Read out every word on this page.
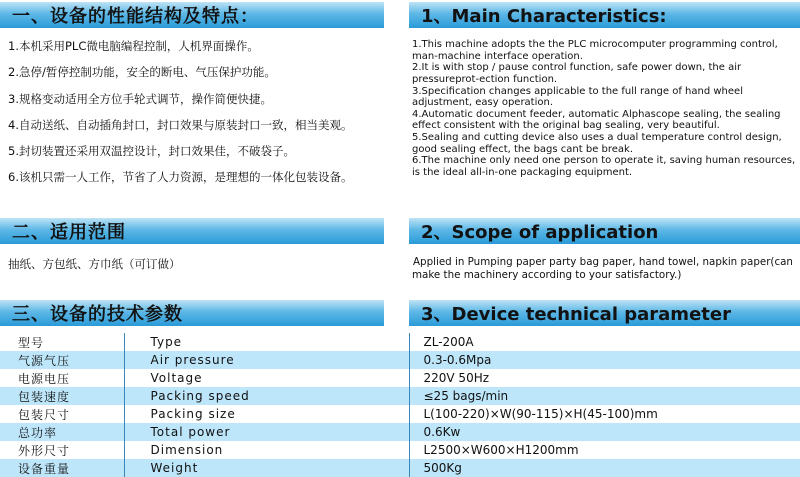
一、设备的性能结构及特点：	1、Main Characteristics:
1.本机采用PLC微电脑编程控制，人机界面操作。
2.急停/暂停控制功能，安全的断电、气压保护功能。
3.规格变动适用全方位手轮式调节，操作简便快捷。
4.自动送纸、自动插角封口，封口效果与原装封口一致，相当美观。
5.封切装置还采用双温控设计，封口效果佳，不破袋子。
6.该机只需一人工作，节省了人力资源，是理想的一体化包装设备。
1.This machine adopts the the PLC microcomputer programming control, man-machine interface operation.
2.It is with stop / pause control function, safe power down, the air pressureprot-ection function.
3.Specification changes applicable to the full range of hand wheel adjustment, easy operation.
4.Automatic document feeder, automatic Alphascope sealing, the sealing effect consistent with the original bag sealing, very beautiful.
5.Sealing and cutting device also uses a dual temperature control design, good sealing effect, the bags cant be break.
6.The machine only need one person to operate it, saving human resources, is the ideal all-in-one packaging equipment.
二、适用范围	2、Scope of application
抽纸、方包纸、方巾纸（可订做）	Applied in Pumping paper party bag paper, hand towel, napkin paper(can make the machinery according to your satisfactory.)
三、设备的技术参数	3、Device technical parameter
型号	Type	ZL-200A
气源气压	Air pressure	0.3-0.6Mpa
电源电压	Voltage	220V 50Hz
包装速度	Packing speed	≤25 bags/min
包装尺寸	Packing size	L(100-220)×W(90-115)×H(45-100)mm
总功率	Total power	0.6Kw
外形尺寸	Dimension	L2500×W600×H1200mm
设备重量	Weight	500Kg
